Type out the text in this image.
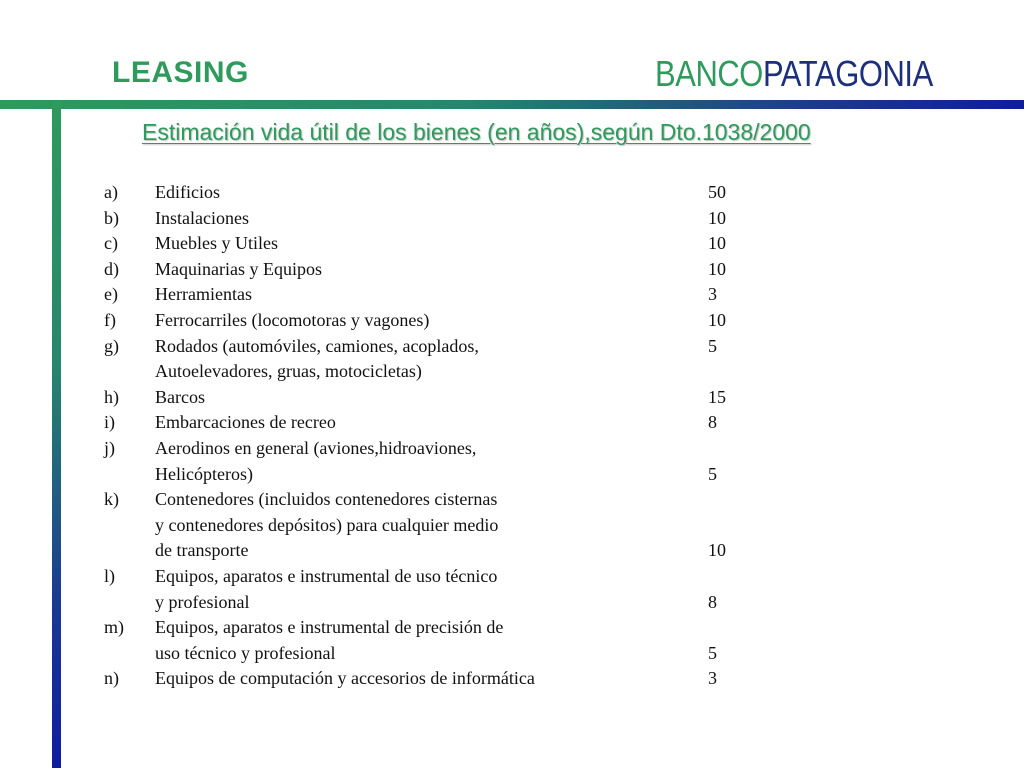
LEASING	BANCOPATAGONIA
Estimación vida útil de los bienes (en años),según Dto.1038/2000
a) Edificios	50
b) Instalaciones	10
c) Muebles y Utiles	10
d) Maquinarias y Equipos	10
e) Herramientas	3
f) Ferrocarriles (locomotoras y vagones)	10
g) Rodados (automóviles, camiones, acoplados,	5
Autoelevadores, gruas, motocicletas)
h) Barcos	15
i) Embarcaciones de recreo	8
j) Aerodinos en general (aviones,hidroaviones,
Helicópteros)	5
k) Contenedores (incluidos contenedores cisternas
y contenedores depósitos) para cualquier medio
de transporte	10
l) Equipos, aparatos e instrumental de uso técnico
y profesional	8
m) Equipos, aparatos e instrumental de precisión de
uso técnico y profesional	5
n) Equipos de computación y accesorios de informática	3
